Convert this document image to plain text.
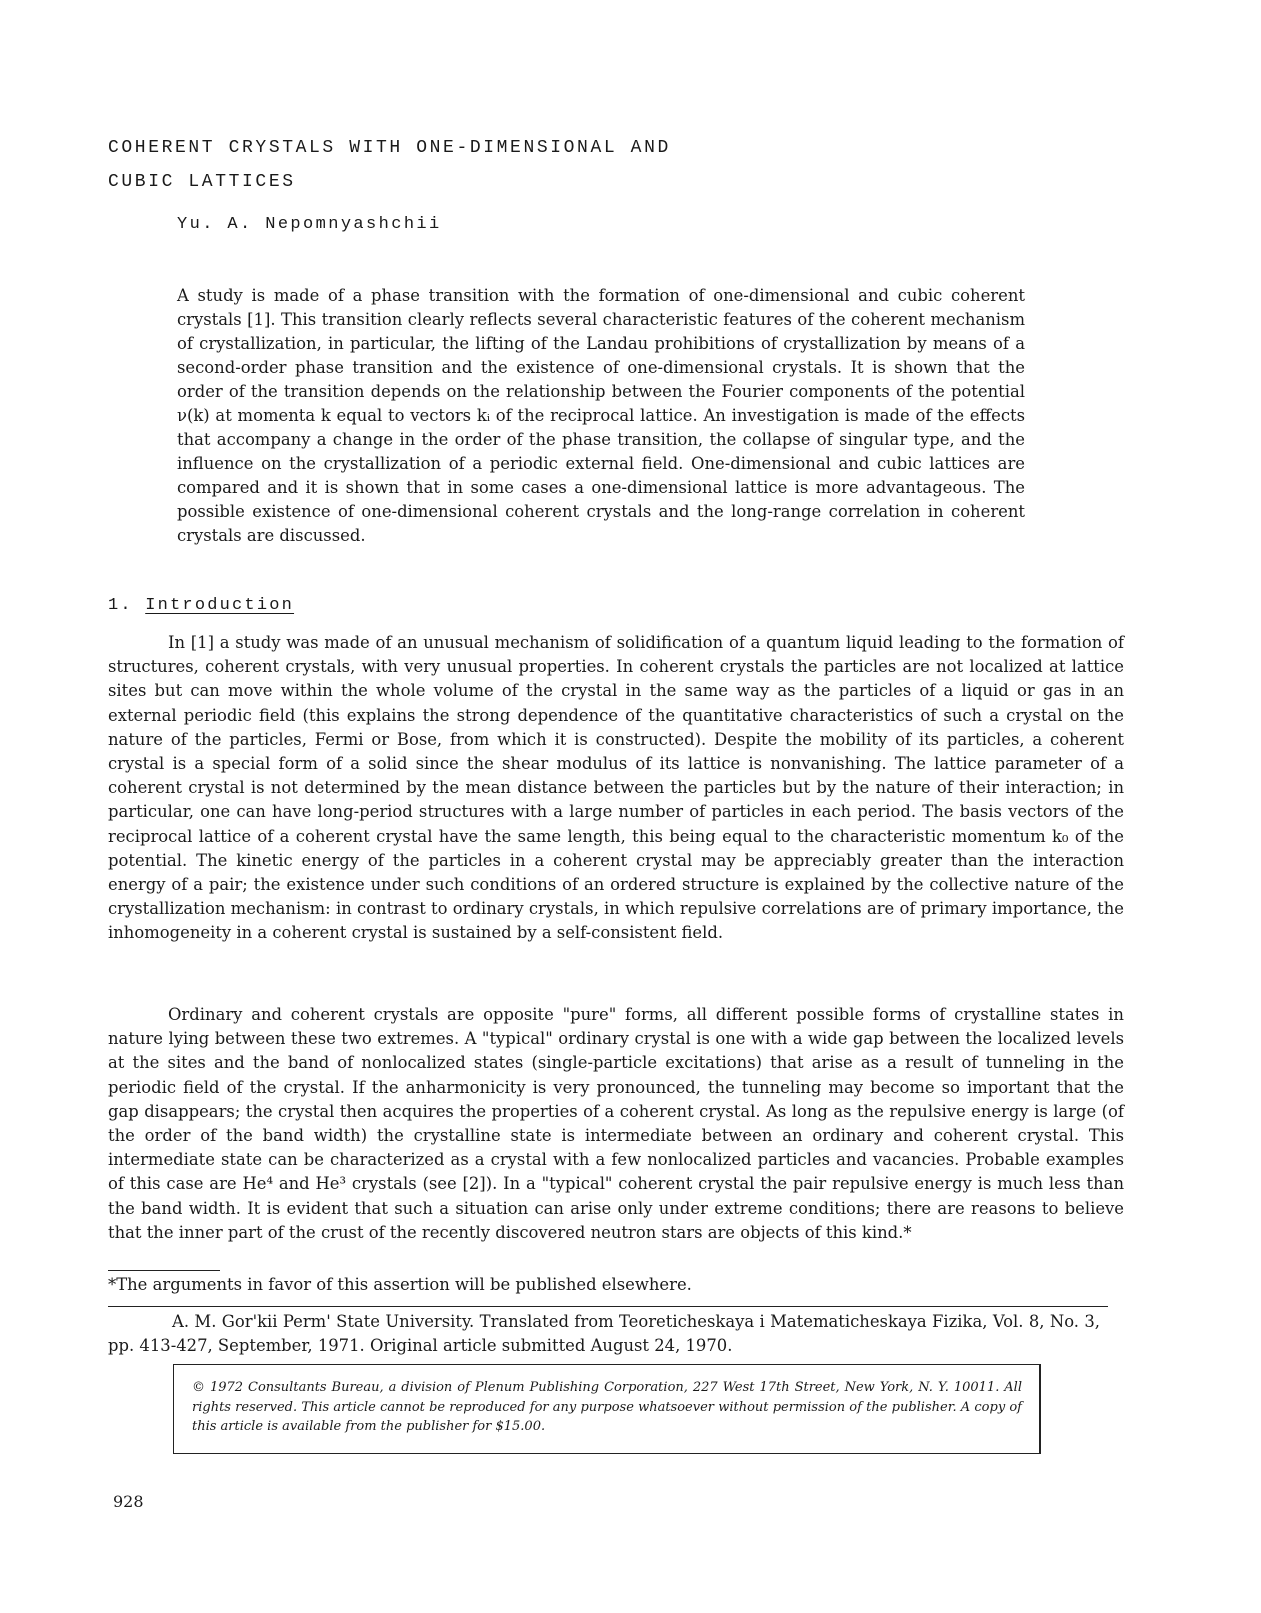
COHERENT CRYSTALS WITH ONE-DIMENSIONAL AND
CUBIC LATTICES

Yu. A. Nepomnyashchii

A study is made of a phase transition with the formation of one-dimensional and cubic coherent crystals [1]. This transition clearly reflects several characteristic features of the coherent mechanism of crystallization, in particular, the lifting of the Landau prohibitions of crystallization by means of a second-order phase transition and the existence of one-dimensional crystals. It is shown that the order of the transition depends on the relationship between the Fourier components of the potential ν(k) at momenta k equal to vectors kᵢ of the reciprocal lattice. An investigation is made of the effects that accompany a change in the order of the phase transition, the collapse of singular type, and the influence on the crystallization of a periodic external field. One-dimensional and cubic lattices are compared and it is shown that in some cases a one-dimensional lattice is more advantageous. The possible existence of one-dimensional coherent crystals and the long-range correlation in coherent crystals are discussed.

1. Introduction

In [1] a study was made of an unusual mechanism of solidification of a quantum liquid leading to the formation of structures, coherent crystals, with very unusual properties. In coherent crystals the particles are not localized at lattice sites but can move within the whole volume of the crystal in the same way as the particles of a liquid or gas in an external periodic field (this explains the strong dependence of the quantitative characteristics of such a crystal on the nature of the particles, Fermi or Bose, from which it is constructed). Despite the mobility of its particles, a coherent crystal is a special form of a solid since the shear modulus of its lattice is nonvanishing. The lattice parameter of a coherent crystal is not determined by the mean distance between the particles but by the nature of their interaction; in particular, one can have long-period structures with a large number of particles in each period. The basis vectors of the reciprocal lattice of a coherent crystal have the same length, this being equal to the characteristic momentum k₀ of the potential. The kinetic energy of the particles in a coherent crystal may be appreciably greater than the interaction energy of a pair; the existence under such conditions of an ordered structure is explained by the collective nature of the crystallization mechanism: in contrast to ordinary crystals, in which repulsive correlations are of primary importance, the inhomogeneity in a coherent crystal is sustained by a self-consistent field.

Ordinary and coherent crystals are opposite "pure" forms, all different possible forms of crystalline states in nature lying between these two extremes. A "typical" ordinary crystal is one with a wide gap between the localized levels at the sites and the band of nonlocalized states (single-particle excitations) that arise as a result of tunneling in the periodic field of the crystal. If the anharmonicity is very pronounced, the tunneling may become so important that the gap disappears; the crystal then acquires the properties of a coherent crystal. As long as the repulsive energy is large (of the order of the band width) the crystalline state is intermediate between an ordinary and coherent crystal. This intermediate state can be characterized as a crystal with a few nonlocalized particles and vacancies. Probable examples of this case are He⁴ and He³ crystals (see [2]). In a "typical" coherent crystal the pair repulsive energy is much less than the band width. It is evident that such a situation can arise only under extreme conditions; there are reasons to believe that the inner part of the crust of the recently discovered neutron stars are objects of this kind.*

*The arguments in favor of this assertion will be published elsewhere.

A. M. Gor'kii Perm' State University. Translated from Teoreticheskaya i Matematicheskaya Fizika, Vol. 8, No. 3, pp. 413-427, September, 1971. Original article submitted August 24, 1970.

© 1972 Consultants Bureau, a division of Plenum Publishing Corporation, 227 West 17th Street, New York, N. Y. 10011. All rights reserved. This article cannot be reproduced for any purpose whatsoever without permission of the publisher. A copy of this article is available from the publisher for $15.00.

928
